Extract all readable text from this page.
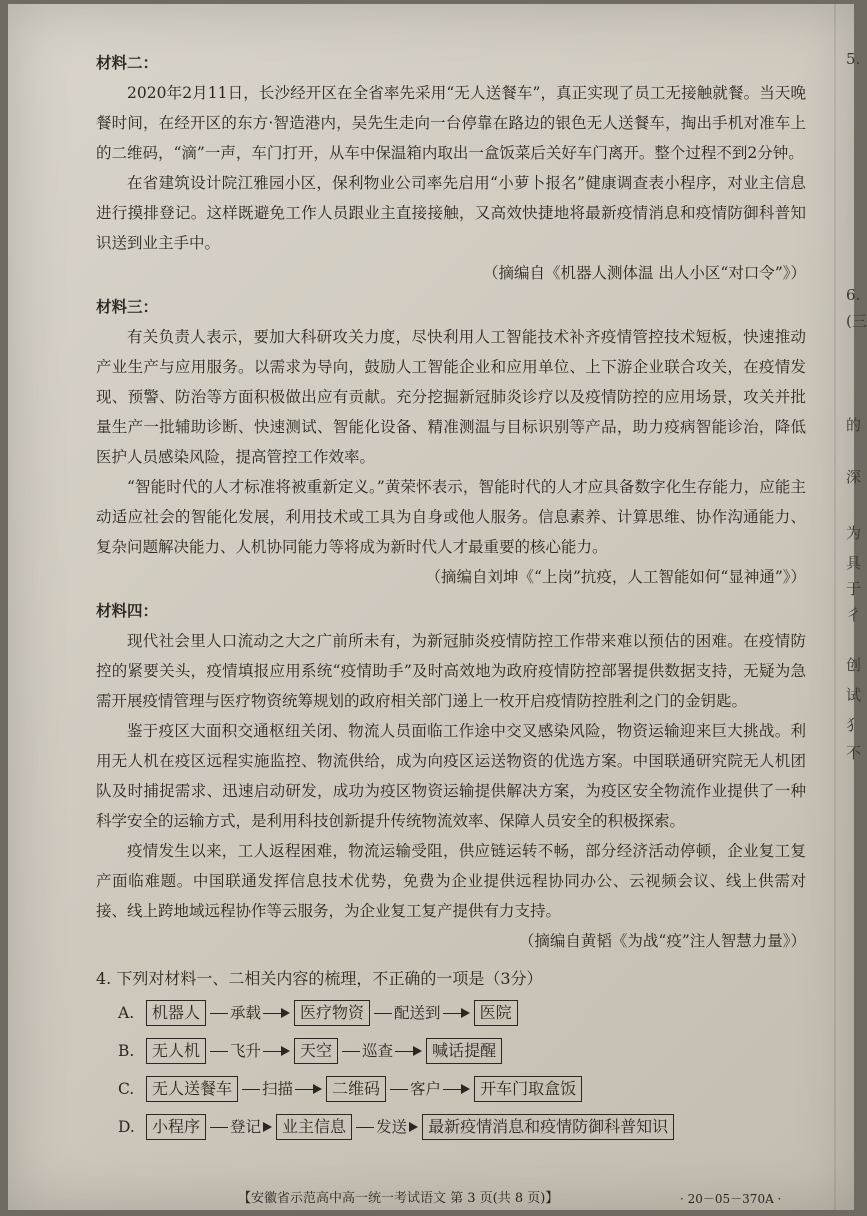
材料二：

2020年2月11日，长沙经开区在全省率先采用“无人送餐车”，真正实现了员工无接触就餐。当天晚餐时间，在经开区的东方·智造港内，吴先生走向一台停靠在路边的银色无人送餐车，掏出手机对准车上的二维码，“滴”一声，车门打开，从车中保温箱内取出一盒饭菜后关好车门离开。整个过程不到2分钟。

在省建筑设计院江雅园小区，保利物业公司率先启用“小萝卜报名”健康调查表小程序，对业主信息进行摸排登记。这样既避免工作人员跟业主直接接触，又高效快捷地将最新疫情消息和疫情防御科普知识送到业主手中。

（摘编自《机器人测体温 出人小区“对口令”》）

材料三：

有关负责人表示，要加大科研攻关力度，尽快利用人工智能技术补齐疫情管控技术短板，快速推动产业生产与应用服务。以需求为导向，鼓励人工智能企业和应用单位、上下游企业联合攻关，在疫情发现、预警、防治等方面积极做出应有贡献。充分挖掘新冠肺炎诊疗以及疫情防控的应用场景，攻关并批量生产一批辅助诊断、快速测试、智能化设备、精准测温与目标识别等产品，助力疫病智能诊治，降低医护人员感染风险，提高管控工作效率。

“智能时代的人才标准将被重新定义。”黄荣怀表示，智能时代的人才应具备数字化生存能力，应能主动适应社会的智能化发展，利用技术或工具为自身或他人服务。信息素养、计算思维、协作沟通能力、复杂问题解决能力、人机协同能力等将成为新时代人才最重要的核心能力。

（摘编自刘坤《“上岗”抗疫，人工智能如何“显神通”》）

材料四：

现代社会里人口流动之大之广前所未有，为新冠肺炎疫情防控工作带来难以预估的困难。在疫情防控的紧要关头，疫情填报应用系统“疫情助手”及时高效地为政府疫情防控部署提供数据支持，无疑为急需开展疫情管理与医疗物资统筹规划的政府相关部门递上一枚开启疫情防控胜利之门的金钥匙。

鉴于疫区大面积交通枢纽关闭、物流人员面临工作途中交叉感染风险，物资运输迎来巨大挑战。利用无人机在疫区远程实施监控、物流供给，成为向疫区运送物资的优选方案。中国联通研究院无人机团队及时捕捉需求、迅速启动研发，成功为疫区物资运输提供解决方案，为疫区安全物流作业提供了一种科学安全的运输方式，是利用科技创新提升传统物流效率、保障人员安全的积极探索。

疫情发生以来，工人返程困难，物流运输受阻，供应链运转不畅，部分经济活动停顿，企业复工复产面临难题。中国联通发挥信息技术优势，免费为企业提供远程协同办公、云视频会议、线上供需对接、线上跨地域远程协作等云服务，为企业复工复产提供有力支持。

（摘编自黄韬《为战“疫”注人智慧力量》）

4. 下列对材料一、二相关内容的梳理，不正确的一项是（3分）
A.	机器人	承载	医疗物资	配送到	医院
B.	无人机	飞升	天空	巡查	喊话提醒
C.	无人送餐车	扫描	二维码	客户	开车门取盒饭
D.	小程序	登记	业主信息	发送	最新疫情消息和疫情防御科普知识
【安徽省示范高中高一统一考试语文 第 3 页(共 8 页)】	· 20－05－370A ·
5.
6.
(三
的
深
为
具
于
彳
创
试
犭
不
